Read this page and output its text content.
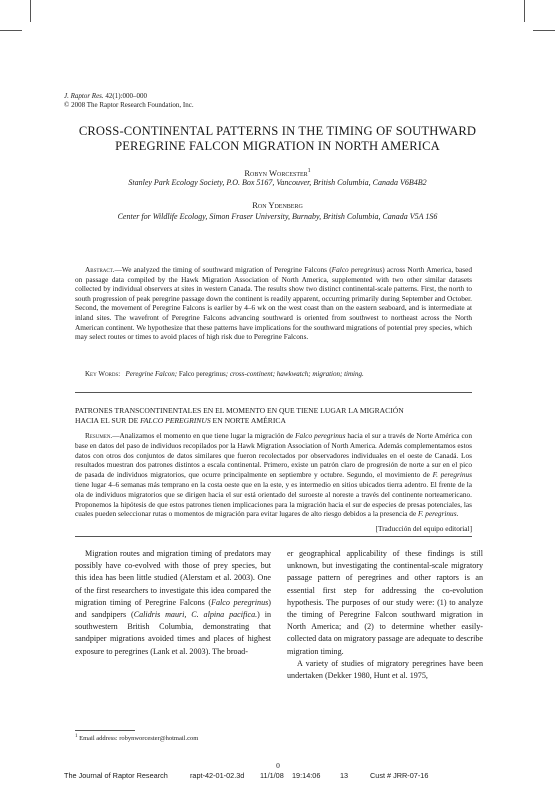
J. Raptor Res. 42(1):000–000
© 2008 The Raptor Research Foundation, Inc.
CROSS-CONTINENTAL PATTERNS IN THE TIMING OF SOUTHWARD
PEREGRINE FALCON MIGRATION IN NORTH AMERICA
Robyn Worcester$^1$
Stanley Park Ecology Society, P.O. Box 5167, Vancouver, British Columbia, Canada V6B4B2
Ron Ydenberg
Center for Wildlife Ecology, Simon Fraser University, Burnaby, British Columbia, Canada V5A 1S6
Abstract.—We analyzed the timing of southward migration of Peregrine Falcons (Falco peregrinus) across North America, based on passage data compiled by the Hawk Migration Association of North America, supplemented with two other similar datasets collected by individual observers at sites in western Canada. The results show two distinct continental-scale patterns. First, the north to south progression of peak peregrine passage down the continent is readily apparent, occurring primarily during September and October. Second, the movement of Peregrine Falcons is earlier by 4–6 wk on the west coast than on the eastern seaboard, and is intermediate at inland sites. The wavefront of Peregrine Falcons advancing southward is oriented from southwest to northeast across the North American continent. We hypothesize that these patterns have implications for the southward migrations of potential prey species, which may select routes or times to avoid places of high risk due to Peregrine Falcons.
Key Words: Peregrine Falcon; Falco peregrinus; cross-continent; hawkwatch; migration; timing.
PATRONES TRANSCONTINENTALES EN EL MOMENTO EN QUE TIENE LUGAR LA MIGRACIÓN
HACIA EL SUR DE FALCO PEREGRINUS EN NORTE AMÉRICA
Resumen.—Analizamos el momento en que tiene lugar la migración de Falco peregrinus hacia el sur a través de Norte América con base en datos del paso de individuos recopilados por la Hawk Migration Association of North America. Además complementamos estos datos con otros dos conjuntos de datos similares que fueron recolectados por observadores individuales en el oeste de Canadá. Los resultados muestran dos patrones distintos a escala continental. Primero, existe un patrón claro de progresión de norte a sur en el pico de pasada de individuos migratorios, que ocurre principalmente en septiembre y octubre. Segundo, el movimiento de F. peregrinus tiene lugar 4–6 semanas más temprano en la costa oeste que en la este, y es intermedio en sitios ubicados tierra adentro. El frente de la ola de individuos migratorios que se dirigen hacia el sur está orientado del suroeste al noreste a través del continente norteamericano. Proponemos la hipótesis de que estos patrones tienen implicaciones para la migración hacia el sur de especies de presas potenciales, las cuales pueden seleccionar rutas o momentos de migración para evitar lugares de alto riesgo debidos a la presencia de F. peregrinus.
[Traducción del equipo editorial]
Migration routes and migration timing of predators may possibly have co-evolved with those of prey species, but this idea has been little studied (Alerstam et al. 2003). One of the first researchers to investigate this idea compared the migration timing of Peregrine Falcons (Falco peregrinus) and sandpipers (Calidris mauri, C. alpina pacifica.) in southwestern British Columbia, demonstrating that sandpiper migrations avoided times and places of highest exposure to peregrines (Lank et al. 2003). The broad-

er geographical applicability of these findings is still unknown, but investigating the continental-scale migratory passage pattern of peregrines and other raptors is an essential first step for addressing the co-evolution hypothesis. The purposes of our study were: (1) to analyze the timing of Peregrine Falcon southward migration in North America; and (2) to determine whether easily-collected data on migratory passage are adequate to describe migration timing.

A variety of studies of migratory peregrines have been undertaken (Dekker 1980, Hunt et al. 1975,

$^1$ Email address: robynworcester@hotmail.com
0
The Journal of Raptor Research	rapt-42-01-02.3d 11/1/08 19:14:06	13	Cust # JRR-07-16
